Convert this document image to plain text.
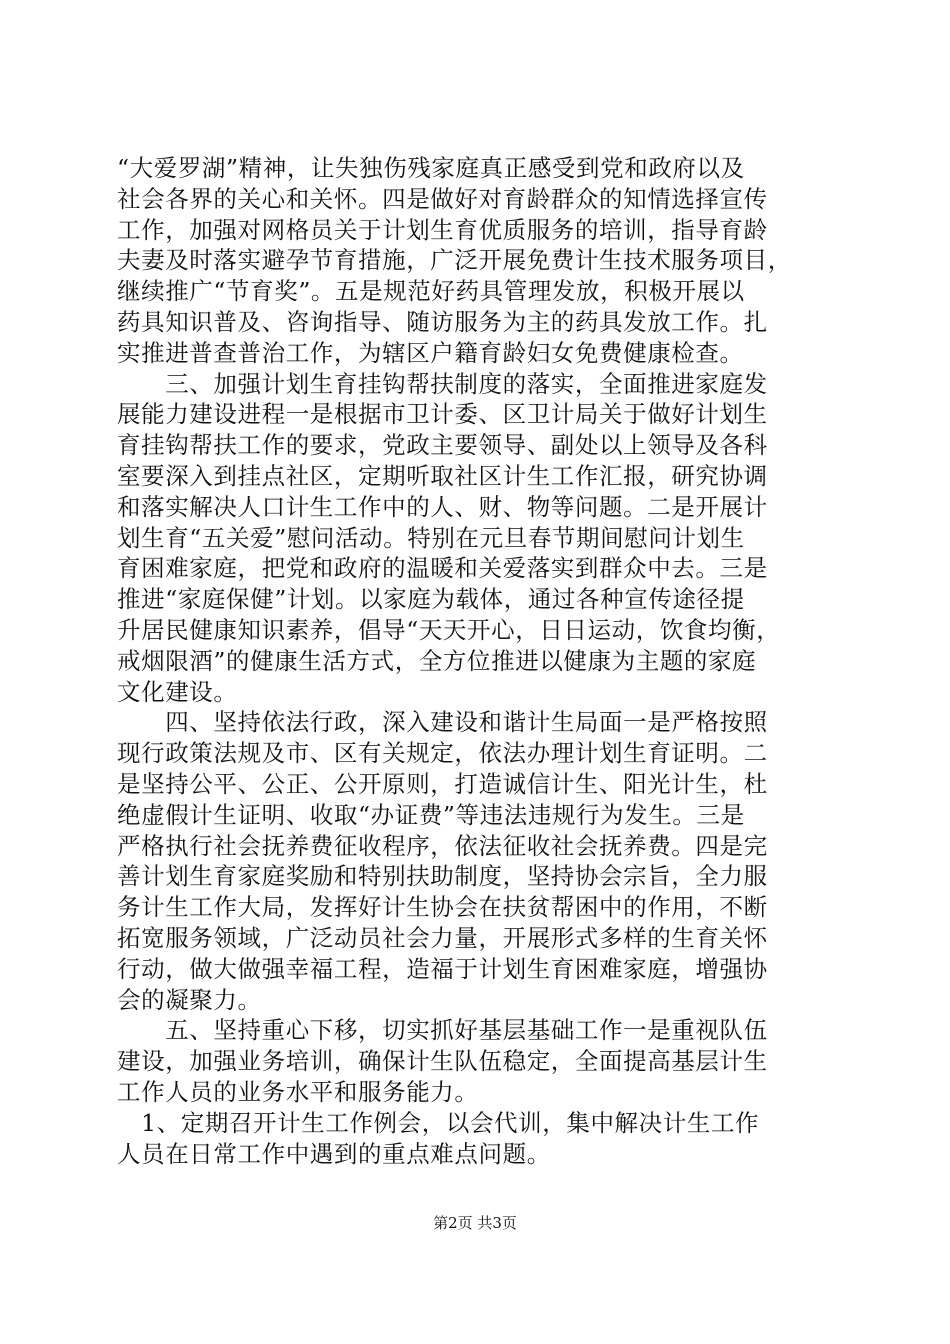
“大爱罗湖”精神，让失独伤残家庭真正感受到党和政府以及
社会各界的关心和关怀。四是做好对育龄群众的知情选择宣传
工作，加强对网格员关于计划生育优质服务的培训，指导育龄
夫妻及时落实避孕节育措施，广泛开展免费计生技术服务项目，
继续推广“节育奖”。五是规范好药具管理发放，积极开展以
药具知识普及、咨询指导、随访服务为主的药具发放工作。扎
实推进普查普治工作，为辖区户籍育龄妇女免费健康检查。
　　三、加强计划生育挂钩帮扶制度的落实，全面推进家庭发
展能力建设进程一是根据市卫计委、区卫计局关于做好计划生
育挂钩帮扶工作的要求，党政主要领导、副处以上领导及各科
室要深入到挂点社区，定期听取社区计生工作汇报，研究协调
和落实解决人口计生工作中的人、财、物等问题。二是开展计
划生育“五关爱”慰问活动。特别在元旦春节期间慰问计划生
育困难家庭，把党和政府的温暖和关爱落实到群众中去。三是
推进“家庭保健”计划。以家庭为载体，通过各种宣传途径提
升居民健康知识素养，倡导“天天开心，日日运动，饮食均衡，
戒烟限酒”的健康生活方式，全方位推进以健康为主题的家庭
文化建设。
　　四、坚持依法行政，深入建设和谐计生局面一是严格按照
现行政策法规及市、区有关规定，依法办理计划生育证明。二
是坚持公平、公正、公开原则，打造诚信计生、阳光计生，杜
绝虚假计生证明、收取“办证费”等违法违规行为发生。三是
严格执行社会抚养费征收程序，依法征收社会抚养费。四是完
善计划生育家庭奖励和特别扶助制度，坚持协会宗旨，全力服
务计生工作大局，发挥好计生协会在扶贫帮困中的作用，不断
拓宽服务领域，广泛动员社会力量，开展形式多样的生育关怀
行动，做大做强幸福工程，造福于计划生育困难家庭，增强协
会的凝聚力。
　　五、坚持重心下移，切实抓好基层基础工作一是重视队伍
建设，加强业务培训，确保计生队伍稳定，全面提高基层计生
工作人员的业务水平和服务能力。
　1、定期召开计生工作例会，以会代训，集中解决计生工作
人员在日常工作中遇到的重点难点问题。
第2页 共3页
